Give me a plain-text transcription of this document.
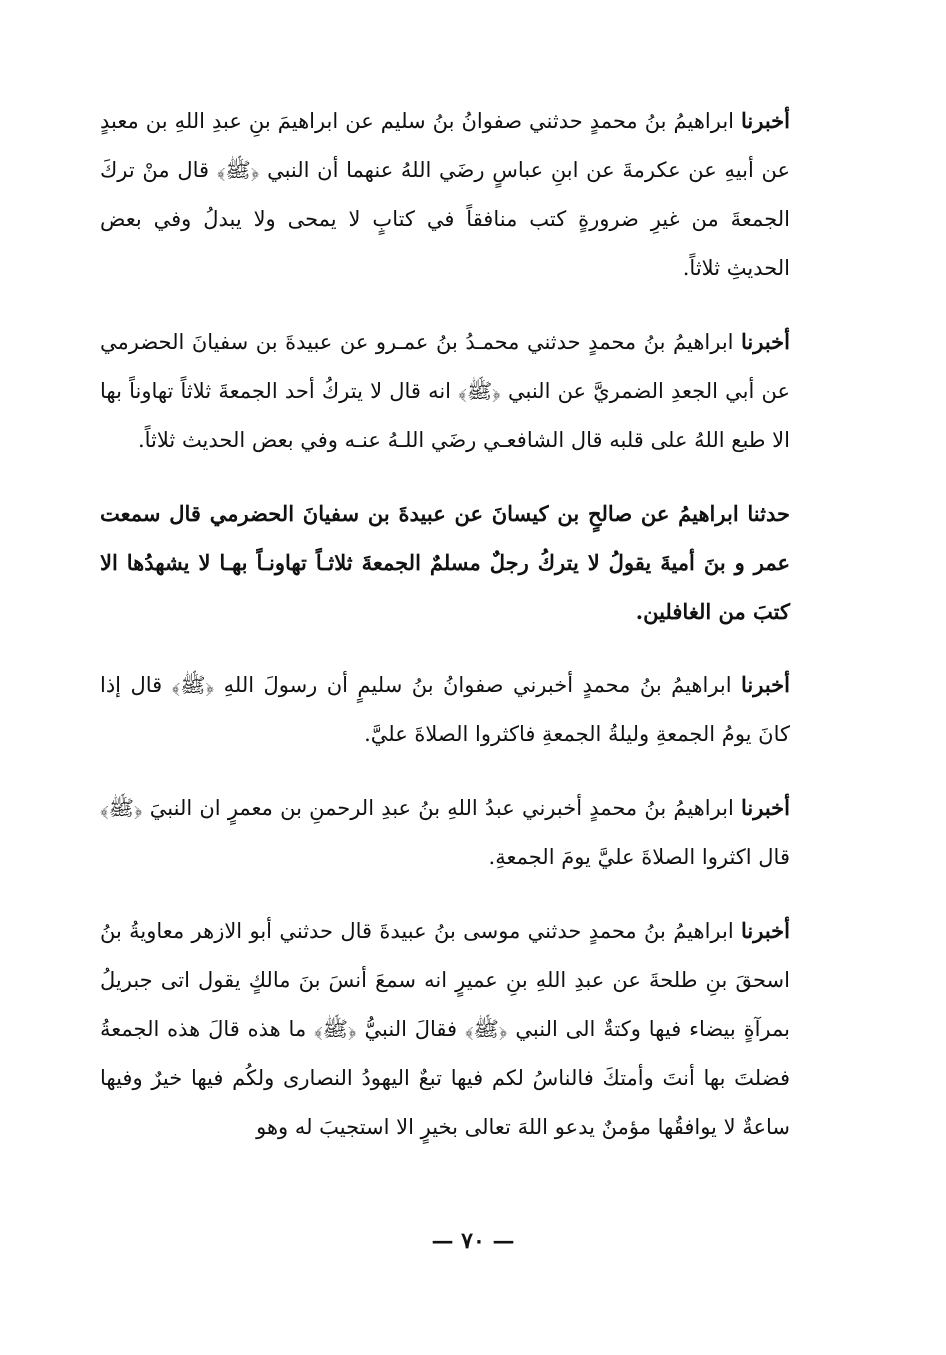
أخبرنا ابراهيمُ بنُ محمدٍ حدثني صفوانُ بنُ سليم عن ابراهيمَ بنِ عبدِ اللهِ بن معبدٍ عن أبيهِ عن عكرمةَ عن ابنِ عباسٍ رضَي اللهُ عنهما أن النبي ﴿ﷺ﴾ قال منْ تركَ الجمعةَ من غيرِ ضرورةٍ كتب منافقاً في كتابٍ لا يمحى ولا يبدلُ وفي بعض الحديثِ ثلاثاً.

أخبرنا ابراهيمُ بنُ محمدٍ حدثني محمـدُ بنُ عمـرو عن عبيدةَ بن سفيانَ الحضرمي عن أبي الجعدِ الضمريَّ عن النبي ﴿ﷺ﴾ انه قال لا يتركُ أحد الجمعةَ ثلاثاً تهاوناً بها الا طبع اللهُ على قلبه قال الشافعـي رضَي اللـهُ عنـه وفي بعض الحديث ثلاثاً.

حدثنا ابراهيمُ عن صالحٍ بن كيسانَ عن عبيدةَ بن سفيانَ الحضرمي قال سمعت عمر و بنَ أميةَ يقولُ لا يتركُ رجلٌ مسلمٌ الجمعةَ ثلاثـاً تهاونـاً بهـا لا يشهدُها الا كتبَ من الغافلين.

أخبرنا ابراهيمُ بنُ محمدٍ أخبرني صفوانُ بنُ سليمٍ أن رسولَ اللهِ ﴿ﷺ﴾ قال إذا كانَ يومُ الجمعةِ وليلةُ الجمعةِ فاكثروا الصلاةَ عليَّ.

أخبرنا ابراهيمُ بنُ محمدٍ أخبرني عبدُ اللهِ بنُ عبدِ الرحمنِ بن معمرٍ ان النبيَ ﴿ﷺ﴾ قال اكثروا الصلاةَ عليَّ يومَ الجمعةِ.

أخبرنا ابراهيمُ بنُ محمدٍ حدثني موسى بنُ عبيدةَ قال حدثني أبو الازهر معاويةُ بنُ اسحقَ بنِ طلحةَ عن عبدِ اللهِ بنِ عميرٍ انه سمعَ أنسَ بنَ مالكٍ يقول اتى جبريلُ بمرآةٍ بيضاء فيها وكتةٌ الى النبي ﴿ﷺ﴾ فقالَ النبيُّ ﴿ﷺ﴾ ما هذه قالَ هذه الجمعةُ فضلتَ بها أنتَ وأمتكَ فالناسُ لكم فيها تبعٌ اليهودُ النصارى ولكُم فيها خيرٌ وفيها ساعةٌ لا يوافقُها مؤمنٌ يدعو اللهَ تعالى بخيرٍ الا استجيبَ له وهو

— ٧٠ —
